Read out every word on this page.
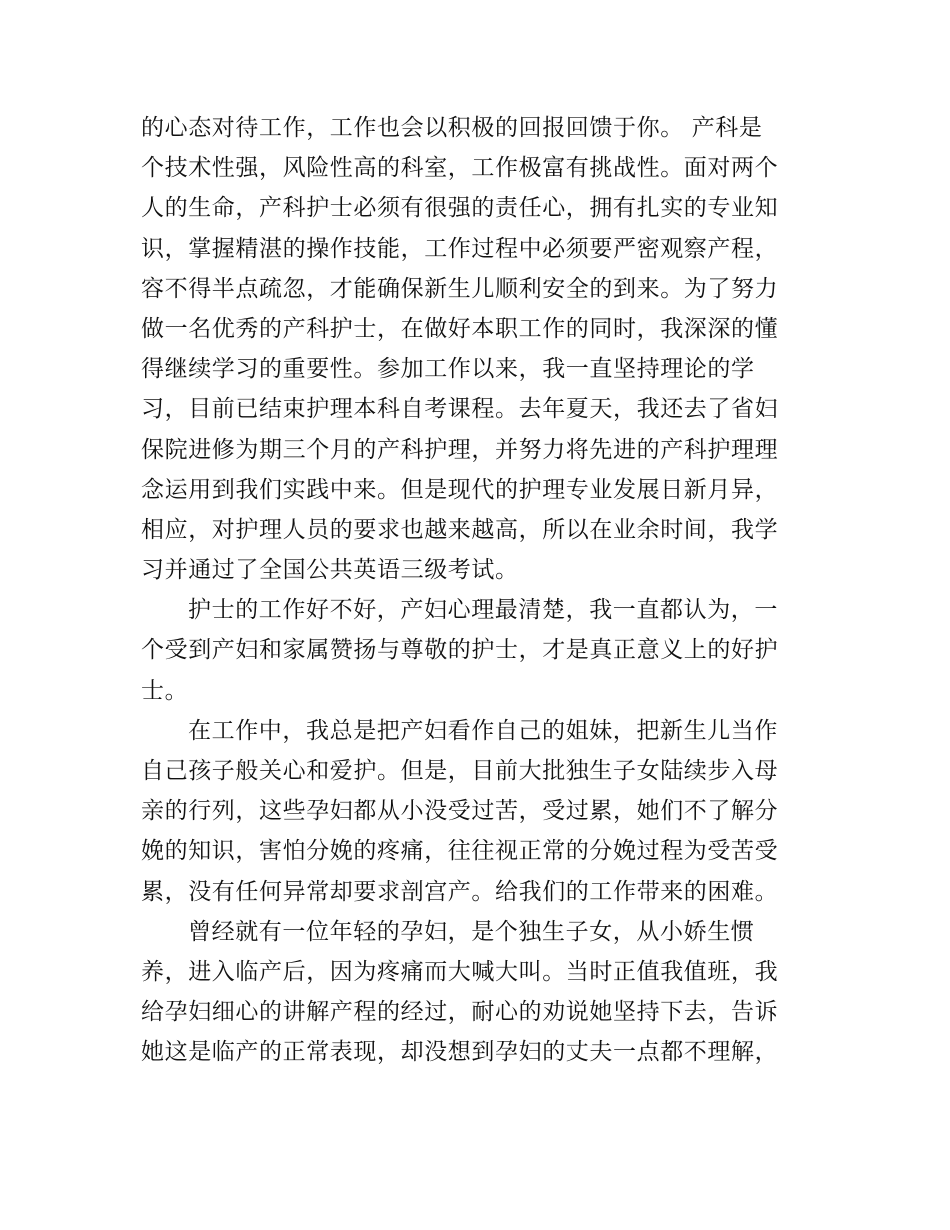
的心态对待工作，工作也会以积极的回报回馈于你。 产科是
个技术性强，风险性高的科室，工作极富有挑战性。面对两个
人的生命，产科护士必须有很强的责任心，拥有扎实的专业知
识，掌握精湛的操作技能，工作过程中必须要严密观察产程，
容不得半点疏忽，才能确保新生儿顺利安全的到来。为了努力
做一名优秀的产科护士，在做好本职工作的同时，我深深的懂
得继续学习的重要性。参加工作以来，我一直坚持理论的学
习，目前已结束护理本科自考课程。去年夏天，我还去了省妇
保院进修为期三个月的产科护理，并努力将先进的产科护理理
念运用到我们实践中来。但是现代的护理专业发展日新月异，
相应，对护理人员的要求也越来越高，所以在业余时间，我学
习并通过了全国公共英语三级考试。

护士的工作好不好，产妇心理最清楚，我一直都认为，一
个受到产妇和家属赞扬与尊敬的护士，才是真正意义上的好护
士。

在工作中，我总是把产妇看作自己的姐妹，把新生儿当作
自己孩子般关心和爱护。但是，目前大批独生子女陆续步入母
亲的行列，这些孕妇都从小没受过苦，受过累，她们不了解分
娩的知识，害怕分娩的疼痛，往往视正常的分娩过程为受苦受
累，没有任何异常却要求剖宫产。给我们的工作带来的困难。

曾经就有一位年轻的孕妇，是个独生子女，从小娇生惯
养，进入临产后，因为疼痛而大喊大叫。当时正值我值班，我
给孕妇细心的讲解产程的经过，耐心的劝说她坚持下去，告诉
她这是临产的正常表现，却没想到孕妇的丈夫一点都不理解，
